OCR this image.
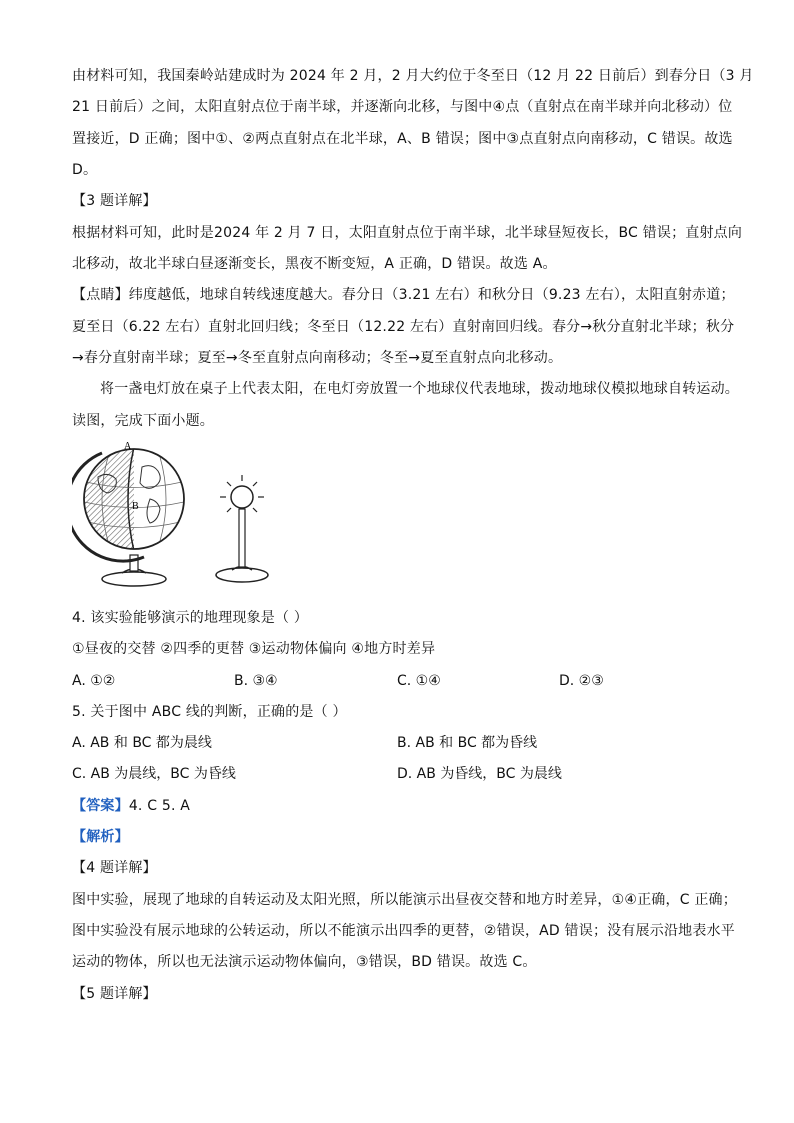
由材料可知，我国秦岭站建成时为 2024 年 2 月，2 月大约位于冬至日（12 月 22 日前后）到春分日（3 月
21 日前后）之间，太阳直射点位于南半球，并逐渐向北移，与图中④点（直射点在南半球并向北移动）位
置接近，D 正确；图中①、②两点直射点在北半球，A、B 错误；图中③点直射点向南移动，C 错误。故选
D。
【3 题详解】
根据材料可知，此时是2024 年 2 月 7 日，太阳直射点位于南半球，北半球昼短夜长，BC 错误；直射点向
北移动，故北半球白昼逐渐变长，黑夜不断变短，A 正确，D 错误。故选 A。
【点睛】纬度越低，地球自转线速度越大。春分日（3.21 左右）和秋分日（9.23 左右），太阳直射赤道；
夏至日（6.22 左右）直射北回归线；冬至日（12.22 左右）直射南回归线。春分→秋分直射北半球；秋分
→春分直射南半球；夏至→冬至直射点向南移动；冬至→夏至直射点向北移动。
将一盏电灯放在桌子上代表太阳，在电灯旁放置一个地球仪代表地球，拨动地球仪模拟地球自转运动。
读图，完成下面小题。
A
B
4. 该实验能够演示的地理现象是（ ）
①昼夜的交替 ②四季的更替 ③运动物体偏向 ④地方时差异
A. ①②	B. ③④	C. ①④	D. ②③
5. 关于图中 ABC 线的判断，正确的是（ ）
A. AB 和 BC 都为晨线	B. AB 和 BC 都为昏线
C. AB 为晨线，BC 为昏线	D. AB 为昏线，BC 为晨线
【答案】4. C 5. A
【解析】
【4 题详解】
图中实验，展现了地球的自转运动及太阳光照，所以能演示出昼夜交替和地方时差异，①④正确，C 正确；
图中实验没有展示地球的公转运动，所以不能演示出四季的更替，②错误，AD 错误；没有展示沿地表水平
运动的物体，所以也无法演示运动物体偏向，③错误，BD 错误。故选 C。
【5 题详解】
